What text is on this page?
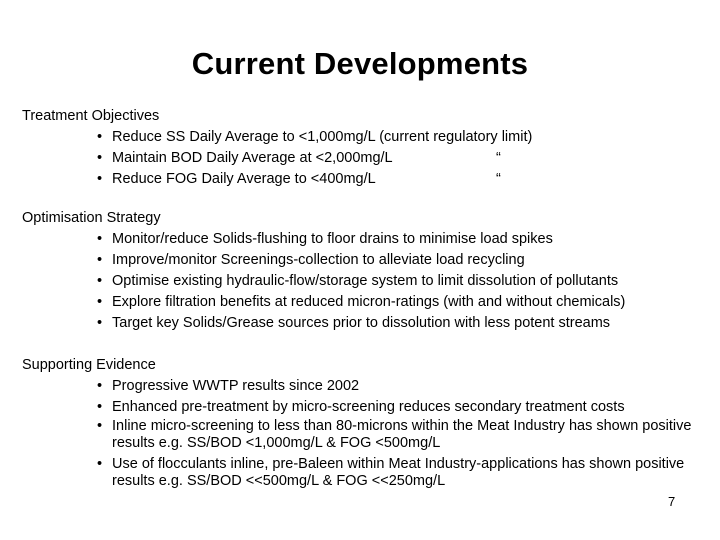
Current Developments
Treatment Objectives
• Reduce SS Daily Average to <1,000mg/L (current regulatory limit)
• Maintain BOD Daily Average at <2,000mg/L	“
• Reduce FOG Daily Average to <400mg/L	“
Optimisation Strategy
• Monitor/reduce Solids-flushing to floor drains to minimise load spikes
• Improve/monitor Screenings-collection to alleviate load recycling
• Optimise existing hydraulic-flow/storage system to limit dissolution of pollutants
• Explore filtration benefits at reduced micron-ratings (with and without chemicals)
• Target key Solids/Grease sources prior to dissolution with less potent streams
Supporting Evidence
• Progressive WWTP results since 2002
• Enhanced pre-treatment by micro-screening reduces secondary treatment costs
• Inline micro-screening to less than 80-microns within the Meat Industry has shown positive results e.g. SS/BOD <1,000mg/L & FOG <500mg/L
• Use of flocculants inline, pre-Baleen within Meat Industry-applications has shown positive results e.g. SS/BOD <<500mg/L & FOG <<250mg/L
7
